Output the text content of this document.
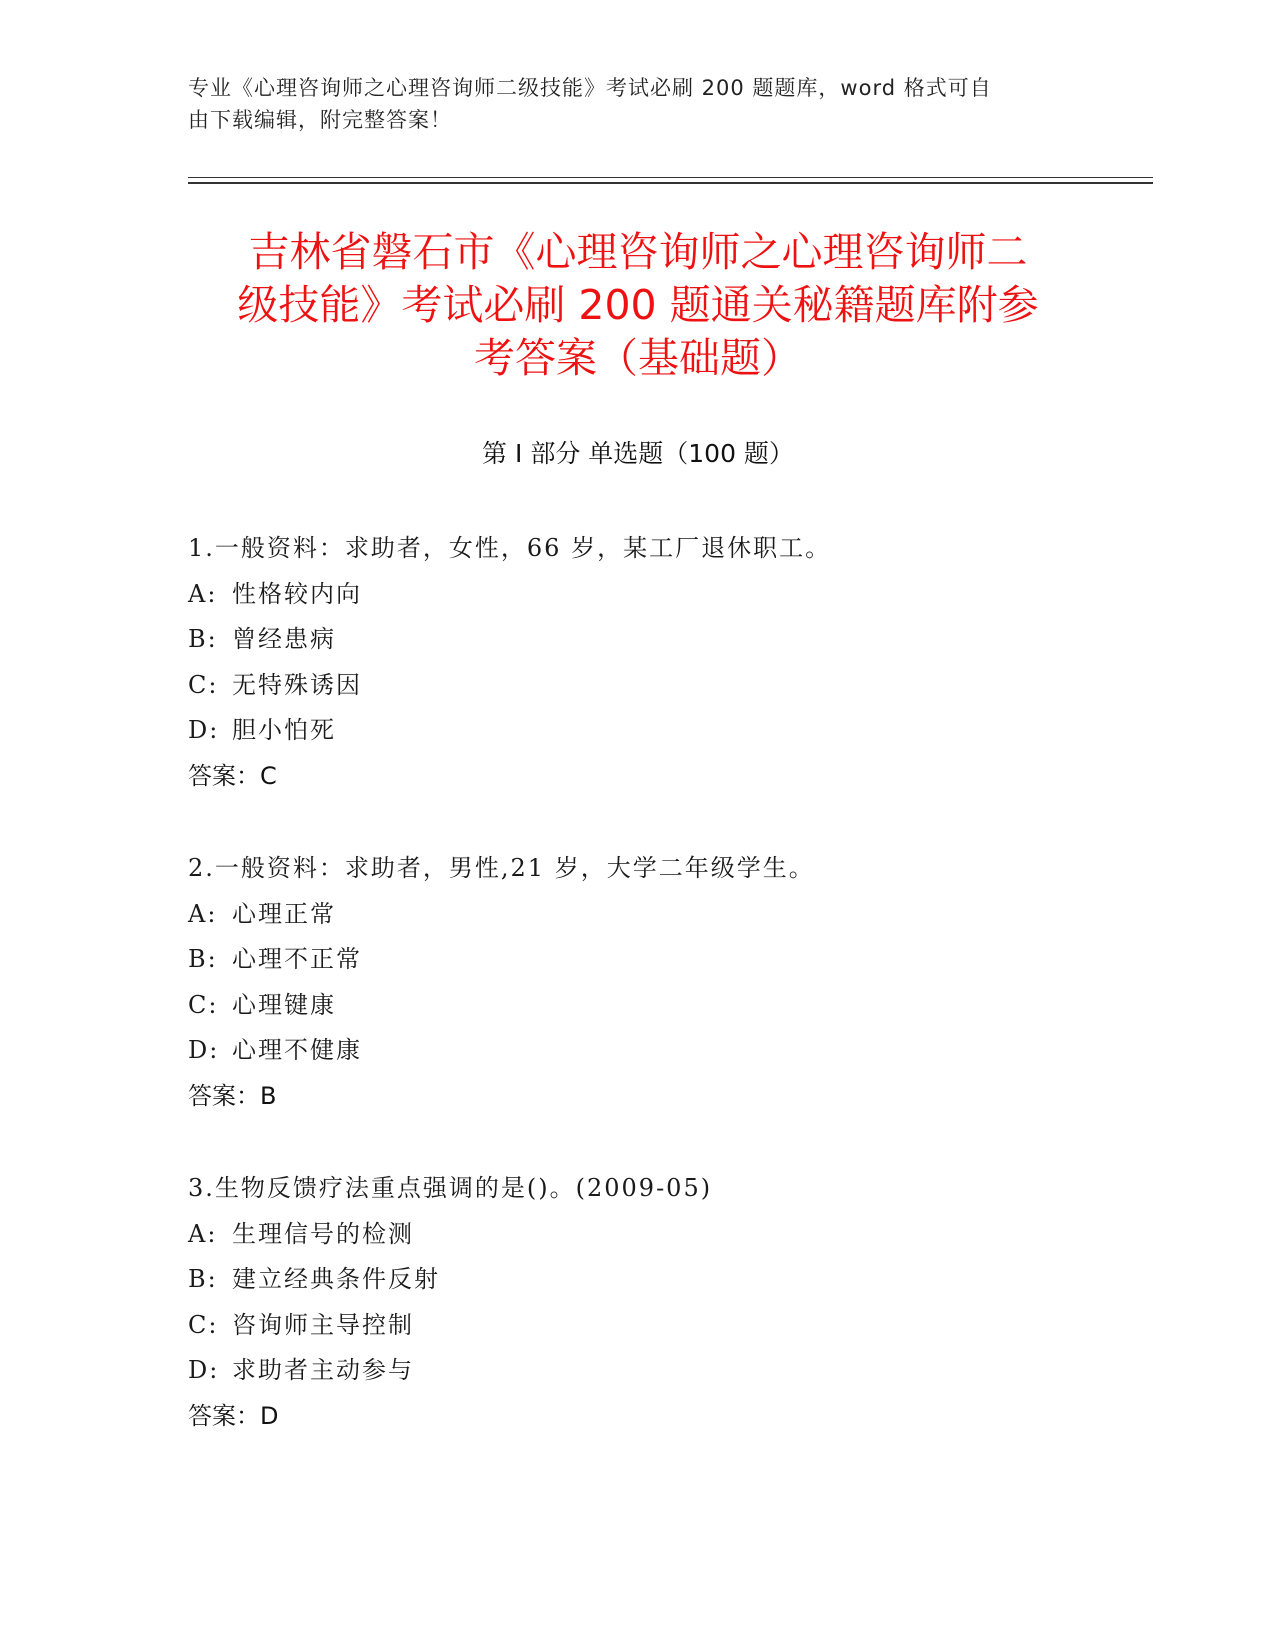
专业《心理咨询师之心理咨询师二级技能》考试必刷 200 题题库，word 格式可自
由下载编辑，附完整答案！
吉林省磐石市《心理咨询师之心理咨询师二
级技能》考试必刷 200 题通关秘籍题库附参
考答案（基础题）
第 I 部分 单选题（100 题）
1.一般资料：求助者，女性，66 岁，某工厂退休职工。
A: 性格较内向
B: 曾经患病
C: 无特殊诱因
D: 胆小怕死
答案：C
2.一般资料：求助者，男性,21 岁，大学二年级学生。
A: 心理正常
B: 心理不正常
C: 心理键康
D: 心理不健康
答案：B
3.生物反馈疗法重点强调的是()。(2009-05)
A: 生理信号的检测
B: 建立经典条件反射
C: 咨询师主导控制
D: 求助者主动参与
答案：D
